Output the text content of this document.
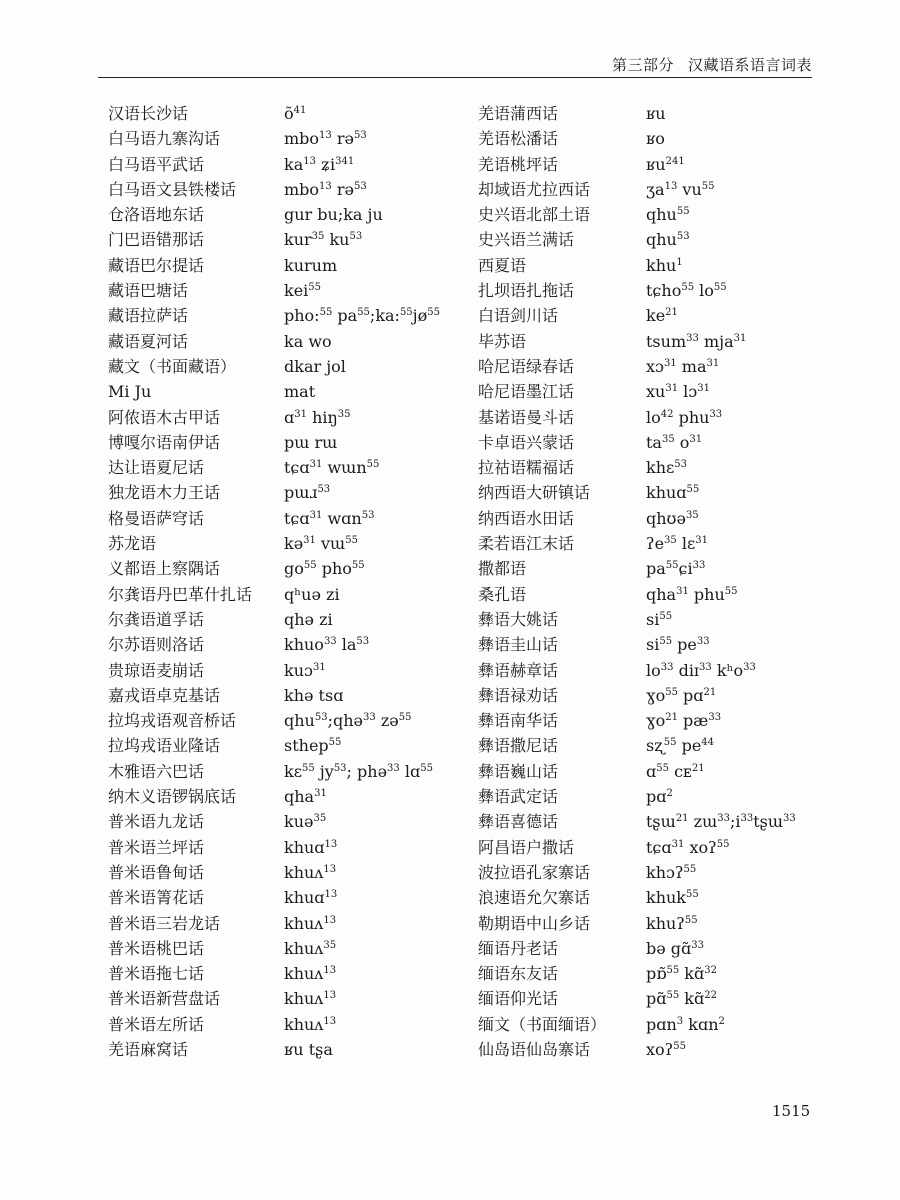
第三部分 汉藏语系语言词表
汉语长沙话	$õ^{41}$
白马语九寨沟话	mbo$^{13}$ rə$^{53}$
白马语平武话	$ka^{13}$ ʑi$^{341}$
白马语文县铁楼话	mbo$^{13}$ rə$^{53}$
仓洛语地东话	gur bu;ka ju
门巴语错那话	kur$^{35}$ $ku^{53}$
藏语巴尔提话	kurum
藏语巴塘话	kei$^{55}$
藏语拉萨话	pho:$^{55}$ $pa^{55};ka:^{55}jø^{55}$
藏语夏河话	ka wo
藏文（书面藏语）	dkar jol
Mi Ju	mat
阿侬语木古甲话	ɑ$^{31}$ hiŋ$^{35}$
博嘎尔语南伊话	pɯ rɯ
达让语夏尼话	tɕɑ$^{31}$ wɯn$^{55}$
独龙语木力王话	pɯɹ$^{53}$
格曼语萨穹话	tɕɑ$^{31}$ wɑn$^{53}$
苏龙语	kə$^{31}$ vɯ$^{55}$
义都语上察隅话	$go^{55}$ pho$^{55}$
尔龚语丹巴革什扎话	qʰuə zi
尔龚语道孚话	qhə zi
尔苏语则洛话	khuo$^{33}$ $la^{53}$
贵琼语麦崩话	kuɔ$^{31}$
嘉戎语卓克基话	khə tsɑ
拉坞戎语观音桥话	qhu$^{53}$;qhə$^{33}$ zə$^{55}$
拉坞戎语业隆话	sthep$^{55}$
木雅语六巴话	kɛ$^{55}$ $jy^{53}$; phə$^{33}$ lɑ$^{55}$
纳木义语锣锅底话	qha$^{31}$
普米语九龙话	kuə$^{35}$
普米语兰坪话	khuɑ$^{13}$
普米语鲁甸话	khuʌ$^{13}$
普米语箐花话	khuɑ$^{13}$
普米语三岩龙话	khuʌ$^{13}$
普米语桃巴话	khuʌ$^{35}$
普米语拖七话	khuʌ$^{13}$
普米语新营盘话	khuʌ$^{13}$
普米语左所话	khuʌ$^{13}$
羌语麻窝话	ʁu tʂa
羌语蒲西话	ʁu
羌语松潘话	ʁo
羌语桃坪话	ʁu$^{241}$
却域语尤拉西话	ʒa$^{13}$ $vu^{55}$
史兴语北部土语	qhu$^{55}$
史兴语兰满话	qhu$^{53}$
西夏语	khu$^1$
扎坝语扎拖话	tɕho$^{55}$ $lo^{55}$
白语剑川话	$ke^{21}$
毕苏语	tsum$^{33}$ mja$^{31}$
哈尼语绿春话	xɔ$^{31}$ $ma^{31}$
哈尼语墨江话	$xu^{31}$ lɔ$^{31}$
基诺语曼斗话	$lo^{42}$ phu$^{33}$
卡卓语兴蒙话	$ta^{35}$ $o^{31}$
拉祜语糯福话	khɛ$^{53}$
纳西语大研镇话	khuɑ$^{55}$
纳西语水田话	qhʊə$^{35}$
柔若语江末话	ʔe$^{35}$ lɛ$^{31}$
撒都语	$pa^{55}ɕi^{33}$
桑孔语	qha$^{31}$ phu$^{55}$
彝语大姚话	$si^{55}$
彝语圭山话	$si^{55}$ $pe^{33}$
彝语赫章话	$lo^{33}$ diɪ$^{33}$ kʰo$^{33}$
彝语禄劝话	ɣo$^{55}$ pɑ$^{21}$
彝语南华话	ɣo$^{21}$ $pæ^{33}$
彝语撒尼话	sʐ$^{55}$ $pe^{44}$
彝语巍山话	ɑ$^{55}$ cᴇ$^{21}$
彝语武定话	pɑ$^2$
彝语喜德话	tʂɯ$^{21}$ $zɯ^{33};i^{33}tʂɯ^{33}$
阿昌语户撒话	tɕɑ$^{31}$ xoʔ$^{55}$
波拉语孔家寨话	khɔʔ$^{55}$
浪速语允欠寨话	khuk$^{55}$
勒期语中山乡话	khuʔ$^{55}$
缅语丹老话	bə gɑ̃$^{33}$
缅语东友话	pɒ̃$^{55}$ kɑ̃$^{32}$
缅语仰光话	pɑ̃$^{55}$ kɑ̃$^{22}$
缅文（书面缅语）	pɑn$^3$ kɑn$^2$
仙岛语仙岛寨话	xoʔ$^{55}$
1515
